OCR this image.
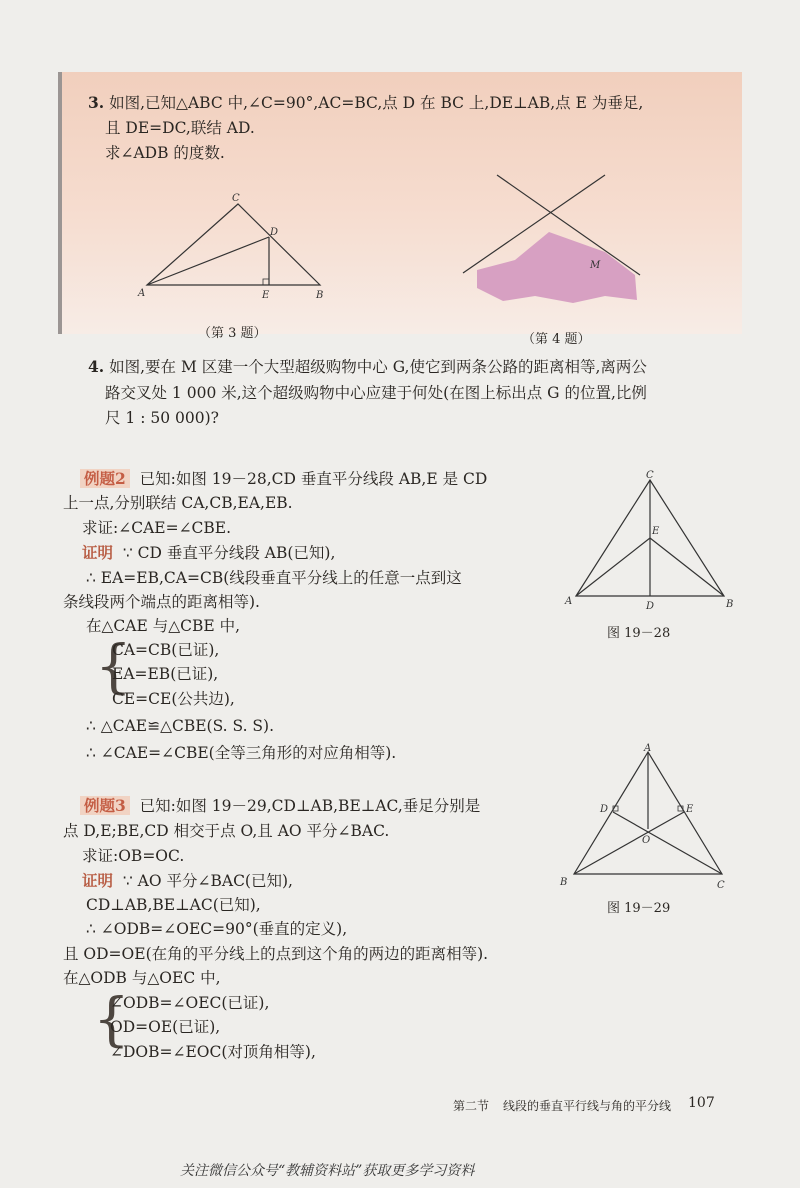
3. 如图,已知△ABC 中,∠C=90°,AC=BC,点 D 在 BC 上,DE⊥AB,点 E 为垂足,
且 DE=DC,联结 AD.
求∠ADB 的度数.
A	B
C
D
E
（第 3 题）
M
（第 4 题）
4. 如图,要在 M 区建一个大型超级购物中心 G,使它到两条公路的距离相等,离两公
路交叉处 1 000 米,这个超级购物中心应建于何处(在图上标出点 G 的位置,比例
尺 1 : 50 000)?
例题2 已知:如图 19－28,CD 垂直平分线段 AB,E 是 CD
上一点,分别联结 CA,CB,EA,EB.
求证:∠CAE=∠CBE.
证明 ∵ CD 垂直平分线段 AB(已知),
∴ EA=EB,CA=CB(线段垂直平分线上的任意一点到这
条线段两个端点的距离相等).
在△CAE 与△CBE 中,
{
CA=CB(已证),
EA=EB(已证),
CE=CE(公共边),
∴ △CAE≌△CBE(S. S. S).
∴ ∠CAE=∠CBE(全等三角形的对应角相等).
A	B
C
D
E
图 19－28
例题3 已知:如图 19－29,CD⊥AB,BE⊥AC,垂足分别是
点 D,E;BE,CD 相交于点 O,且 AO 平分∠BAC.
求证:OB=OC.
证明 ∵ AO 平分∠BAC(已知),
CD⊥AB,BE⊥AC(已知),
∴ ∠ODB=∠OEC=90°(垂直的定义),
且 OD=OE(在角的平分线上的点到这个角的两边的距离相等).
在△ODB 与△OEC 中,
{
∠ODB=∠OEC(已证),
OD=OE(已证),
∠DOB=∠EOC(对顶角相等),
A
B	C
D	E
O
图 19－29
第二节 线段的垂直平行线与角的平分线 107
关注微信公众号“教辅资料站”获取更多学习资料
